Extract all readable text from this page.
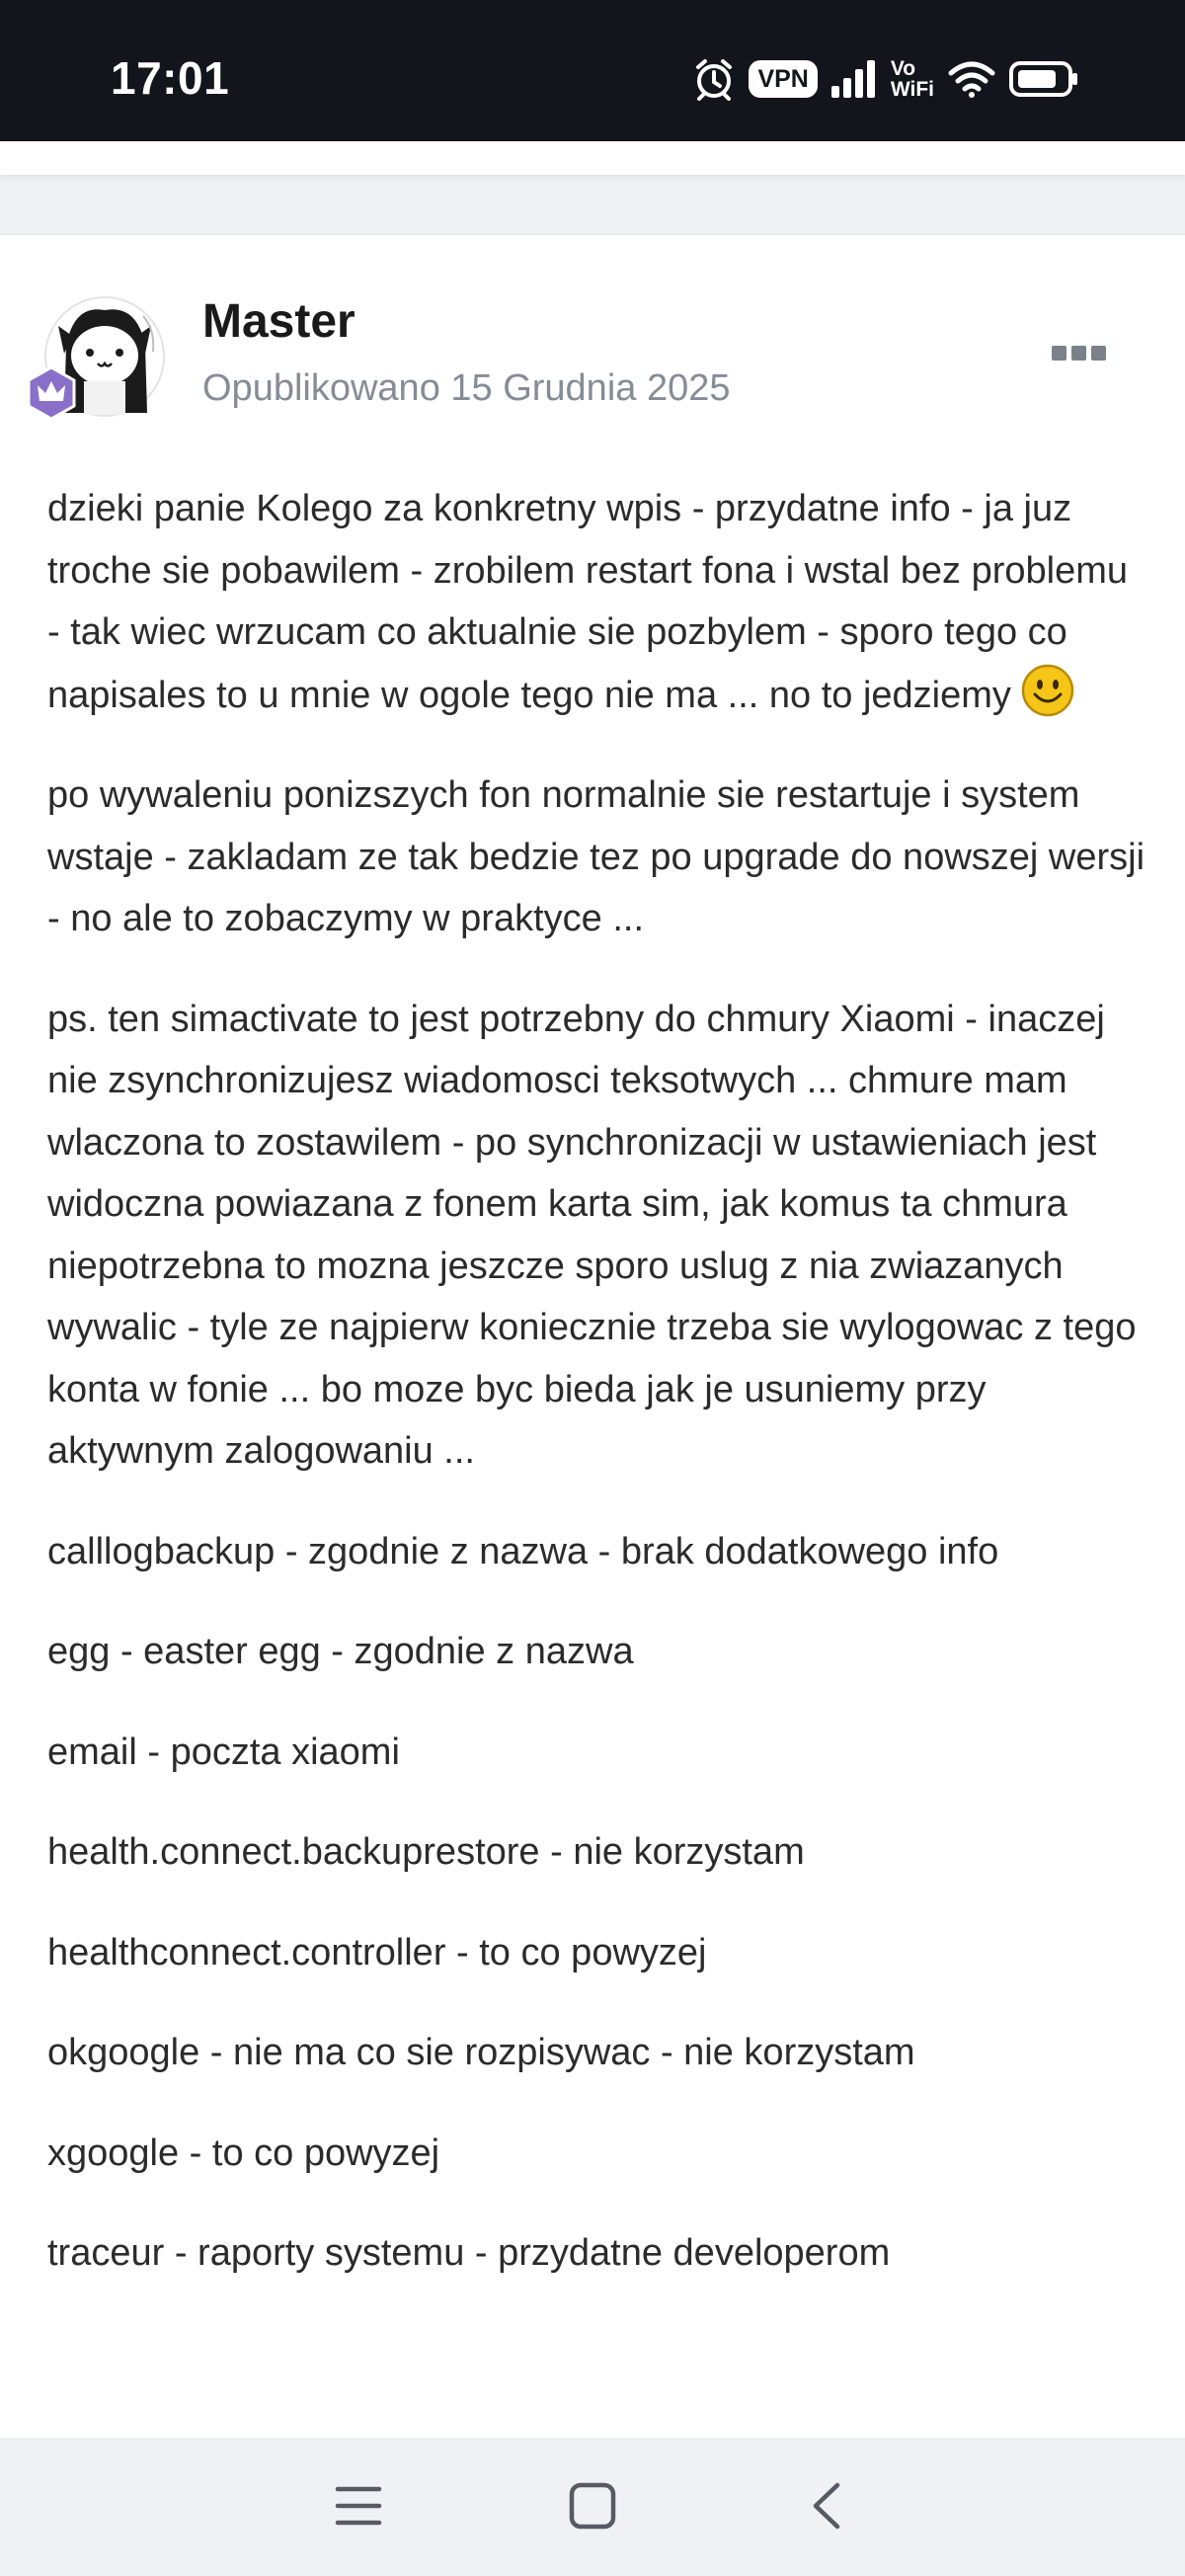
17:01	VPN	Vo
WiFi
Master
Opublikowano 15 Grudnia 2025

dzieki panie Kolego za konkretny wpis - przydatne info - ja juz troche sie pobawilem - zrobilem restart fona i wstal bez problemu - tak wiec wrzucam co aktualnie sie pozbylem - sporo tego co napisales to u mnie w ogole tego nie ma ... no to jedziemy

po wywaleniu ponizszych fon normalnie sie restartuje i system wstaje - zakladam ze tak bedzie tez po upgrade do nowszej wersji - no ale to zobaczymy w praktyce ...

ps. ten simactivate to jest potrzebny do chmury Xiaomi - inaczej nie zsynchronizujesz wiadomosci teksotwych ... chmure mam wlaczona to zostawilem - po synchronizacji w ustawieniach jest widoczna powiazana z fonem karta sim, jak komus ta chmura niepotrzebna to mozna jeszcze sporo uslug z nia zwiazanych wywalic - tyle ze najpierw koniecznie trzeba sie wylogowac z tego konta w fonie ... bo moze byc bieda jak je usuniemy przy aktywnym zalogowaniu ...

calllogbackup - zgodnie z nazwa - brak dodatkowego info

egg - easter egg - zgodnie z nazwa

email - poczta xiaomi

health.connect.backuprestore - nie korzystam

healthconnect.controller - to co powyzej

okgoogle - nie ma co sie rozpisywac - nie korzystam

xgoogle - to co powyzej

traceur - raporty systemu - przydatne developerom
